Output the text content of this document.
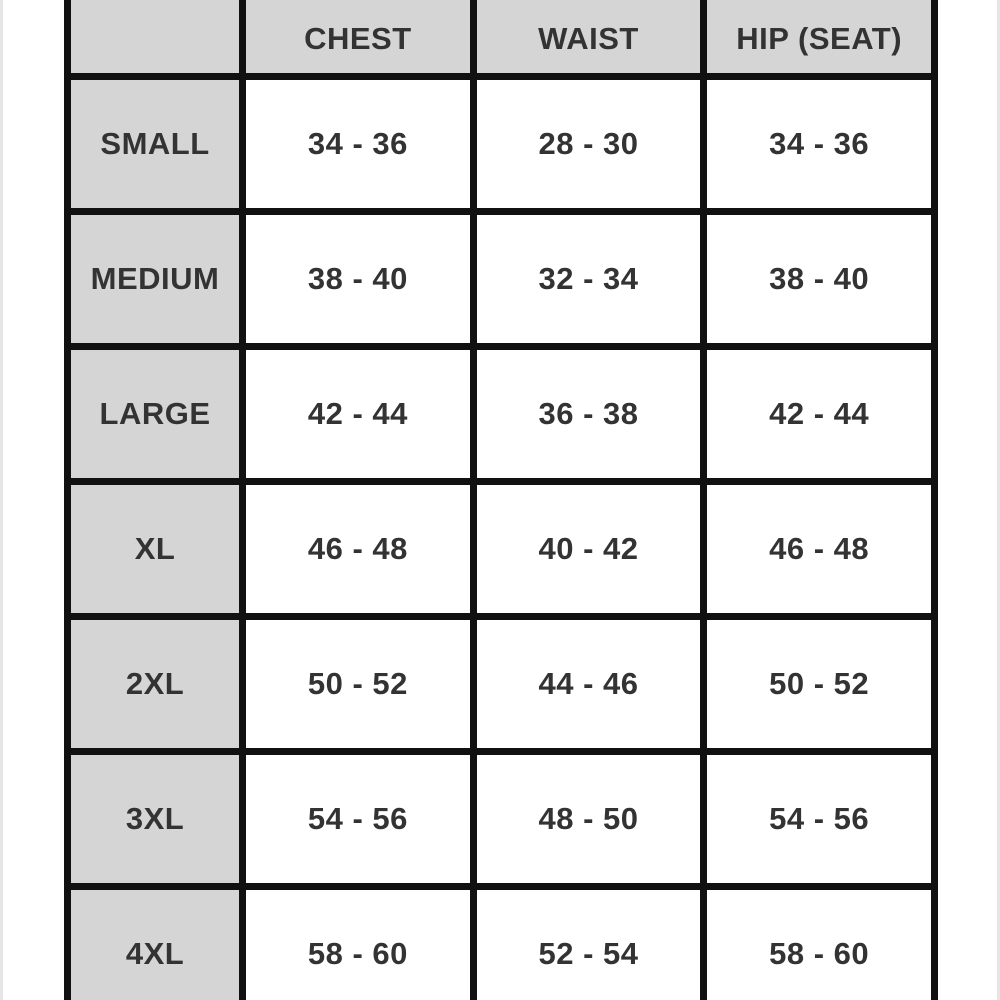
	CHEST	WAIST	HIP (SEAT)
SMALL	34 - 36	28 - 30	34 - 36
MEDIUM	38 - 40	32 - 34	38 - 40
LARGE	42 - 44	36 - 38	42 - 44
XL	46 - 48	40 - 42	46 - 48
2XL	50 - 52	44 - 46	50 - 52
3XL	54 - 56	48 - 50	54 - 56
4XL	58 - 60	52 - 54	58 - 60
